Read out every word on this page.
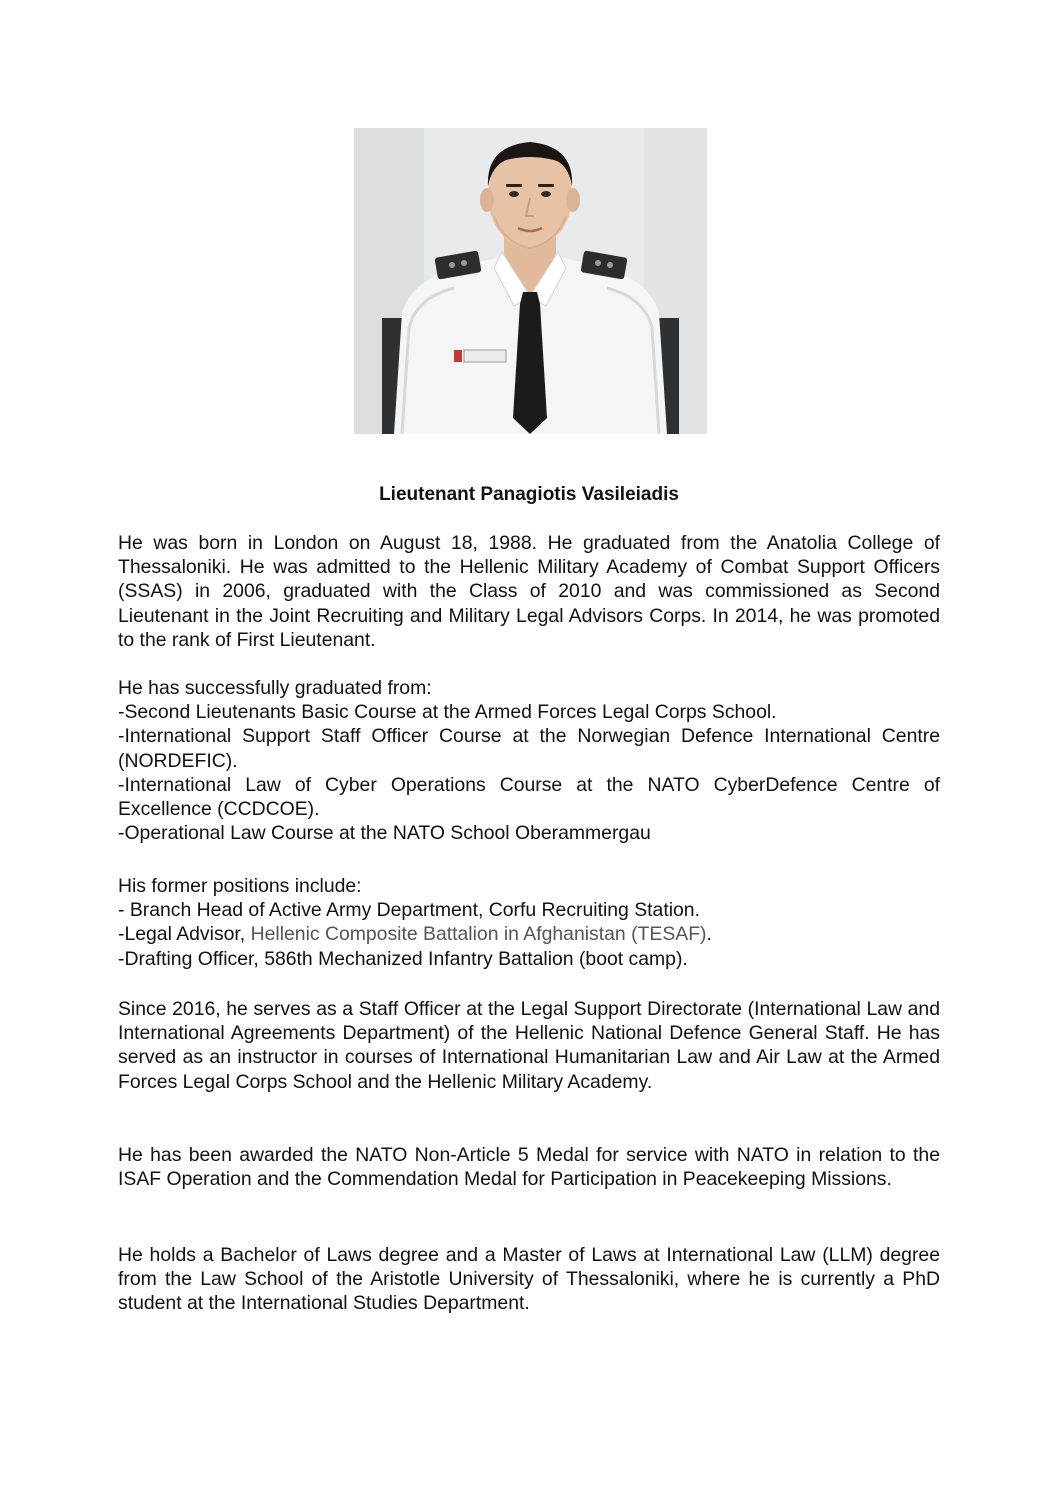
Lieutenant Panagiotis Vasileiadis
He was born in London on August 18, 1988. He graduated from the Anatolia College of Thessaloniki. He was admitted to the Hellenic Military Academy of Combat Support Officers (SSAS) in 2006, graduated with the Class of 2010 and was commissioned as Second Lieutenant in the Joint Recruiting and Military Legal Advisors Corps. In 2014, he was promoted to the rank of First Lieutenant.
He has successfully graduated from:
-Second Lieutenants Basic Course at the Armed Forces Legal Corps School.
-International Support Staff Officer Course at the Norwegian Defence International Centre (NORDEFIC).
-International Law of Cyber Operations Course at the NATO CyberDefence Centre of Excellence (CCDCOE).
-Operational Law Course at the NATO School Oberammergau
His former positions include:
- Branch Head of Active Army Department, Corfu Recruiting Station.
-Legal Advisor, Hellenic Composite Battalion in Afghanistan (TESAF).
-Drafting Officer, 586th Mechanized Infantry Battalion (boot camp).
Since 2016, he serves as a Staff Officer at the Legal Support Directorate (International Law and International Agreements Department) of the Hellenic National Defence General Staff. He has served as an instructor in courses of International Humanitarian Law and Air Law at the Armed Forces Legal Corps School and the Hellenic Military Academy.
He has been awarded the NATO Non-Article 5 Medal for service with NATO in relation to the ISAF Operation and the Commendation Medal for Participation in Peacekeeping Missions.
He holds a Bachelor of Laws degree and a Master of Laws at International Law (LLM) degree from the Law School of the Aristotle University of Thessaloniki, where he is currently a PhD student at the International Studies Department.
